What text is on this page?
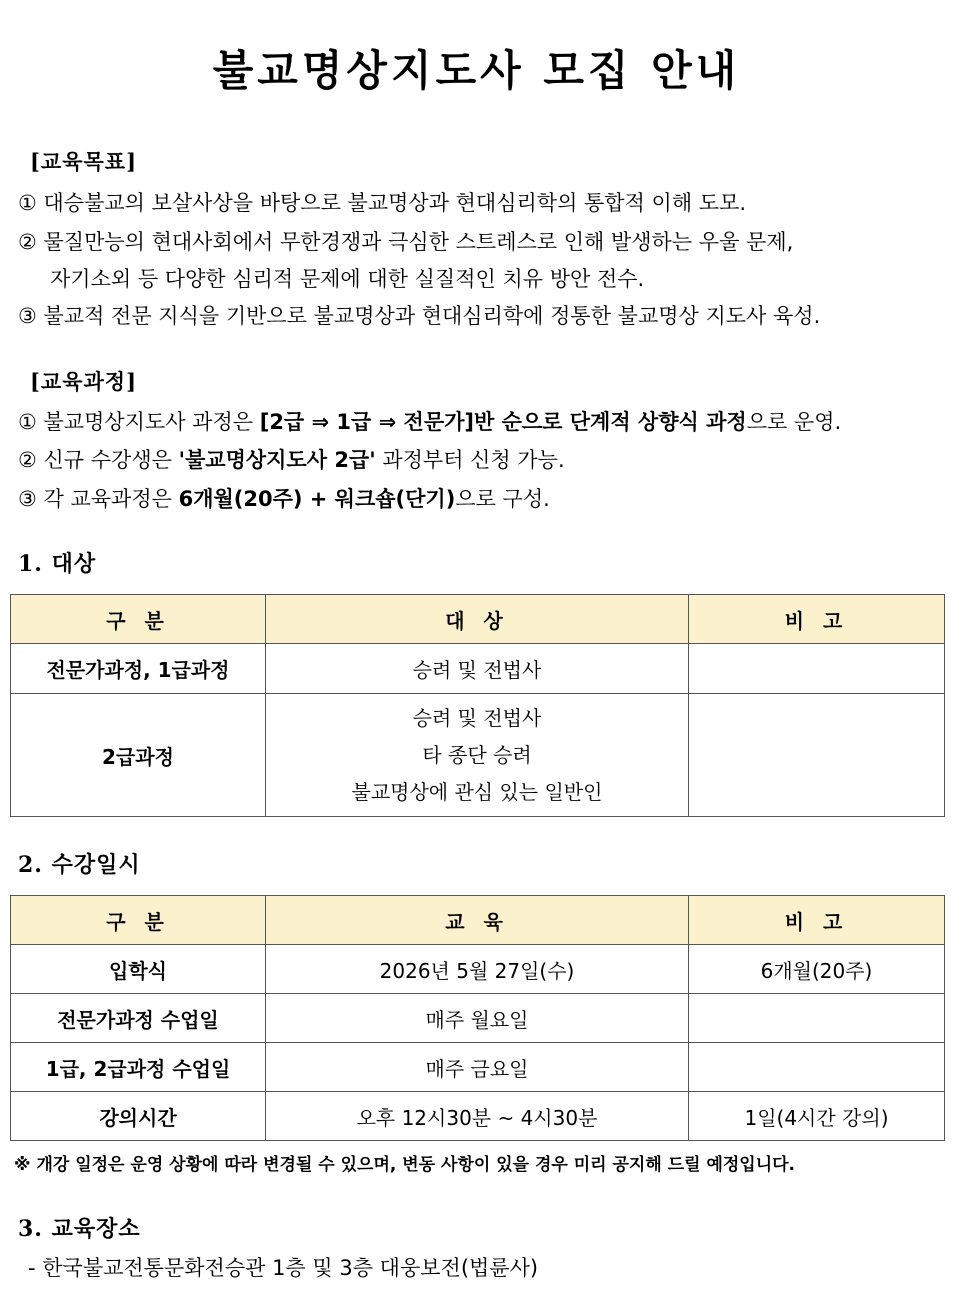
불교명상지도사 모집 안내
[교육목표]
① 대승불교의 보살사상을 바탕으로 불교명상과 현대심리학의 통합적 이해 도모.
② 물질만능의 현대사회에서 무한경쟁과 극심한 스트레스로 인해 발생하는 우울 문제,
자기소외 등 다양한 심리적 문제에 대한 실질적인 치유 방안 전수.
③ 불교적 전문 지식을 기반으로 불교명상과 현대심리학에 정통한 불교명상 지도사 육성.
[교육과정]
① 불교명상지도사 과정은 [2급 ⇒ 1급 ⇒ 전문가]반 순으로 단계적 상향식 과정으로 운영.
② 신규 수강생은 '불교명상지도사 2급' 과정부터 신청 가능.
③ 각 교육과정은 6개월(20주) + 워크숍(단기)으로 구성.
1. 대상
구 분	대 상	비 고
전문가과정, 1급과정	승려 및 전법사	
2급과정	승려 및 전법사
타 종단 승려
불교명상에 관심 있는 일반인	

2. 수강일시
구 분	교 육	비 고
입학식	2026년 5월 27일(수)	6개월(20주)
전문가과정 수업일	매주 월요일	
1급, 2급과정 수업일	매주 금요일	
강의시간	오후 12시30분 ~ 4시30분	1일(4시간 강의)
※ 개강 일정은 운영 상황에 따라 변경될 수 있으며, 변동 사항이 있을 경우 미리 공지해 드릴 예정입니다.
3. 교육장소
- 한국불교전통문화전승관 1층 및 3층 대웅보전(법륜사)
